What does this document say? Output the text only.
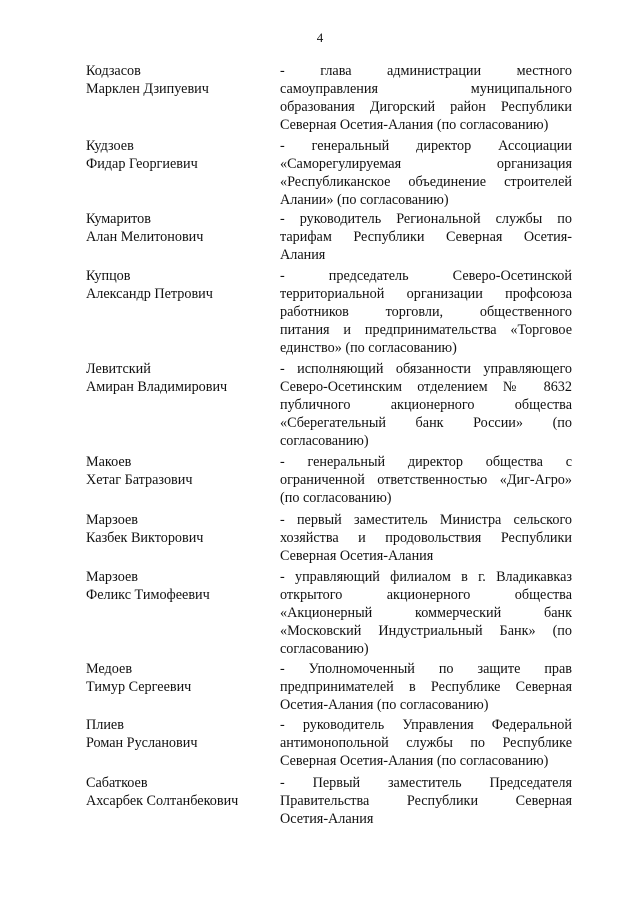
4
Кодзасов
Марклен Дзипуевич
- глава администрации местного
самоуправления муниципального
образования Дигорский район Республики
Северная Осетия-Алания (по согласованию)
Кудзоев
Фидар Георгиевич
- генеральный директор Ассоциации
«Саморегулируемая организация
«Республиканское объединение строителей
Алании» (по согласованию)
Кумаритов
Алан Мелитонович
- руководитель Региональной службы по
тарифам Республики Северная Осетия-
Алания
Купцов
Александр Петрович
- председатель Северо-Осетинской
территориальной организации профсоюза
работников торговли, общественного
питания и предпринимательства «Торговое
единство» (по согласованию)
Левитский
Амиран Владимирович
- исполняющий обязанности управляющего
Северо-Осетинским отделением № 8632
публичного акционерного общества
«Сберегательный банк России» (по
согласованию)
Макоев
Хетаг Батразович
- генеральный директор общества с
ограниченной ответственностью «Диг-Агро»
(по согласованию)
Марзоев
Казбек Викторович
- первый заместитель Министра сельского
хозяйства и продовольствия Республики
Северная Осетия-Алания
Марзоев
Феликс Тимофеевич
- управляющий филиалом в г. Владикавказ
открытого акционерного общества
«Акционерный коммерческий банк
«Московский Индустриальный Банк» (по
согласованию)
Медоев
Тимур Сергеевич
- Уполномоченный по защите прав
предпринимателей в Республике Северная
Осетия-Алания (по согласованию)
Плиев
Роман Русланович
- руководитель Управления Федеральной
антимонопольной службы по Республике
Северная Осетия-Алания (по согласованию)
Сабаткоев
Ахсарбек Солтанбекович
- Первый заместитель Председателя
Правительства Республики Северная
Осетия-Алания
